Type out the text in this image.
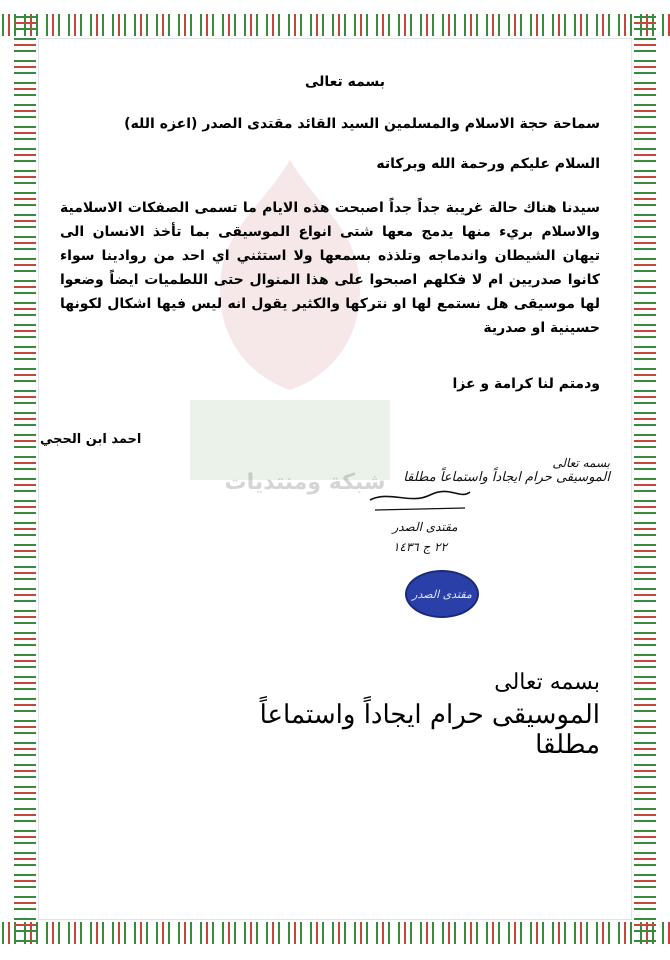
شبكة ومنتديات
بسمه تعالى
سماحة حجة الاسلام والمسلمين السيد القائد مقتدى الصدر (اعزه الله)
السلام عليكم ورحمة الله وبركاته
سيدنا هناك حالة غريبة جداً جداً اصبحت هذه الايام ما تسمى الصفكات الاسلامية والاسلام بريء منها يدمج معها شتى انواع الموسيقى بما تأخذ الانسان الى تيهان الشيطان واندماجه وتلذذه بسمعها ولا استثني اي احد من روادينا سواء كانوا صدريين ام لا فكلهم اصبحوا على هذا المنوال حتى اللطميات ايضاً وضعوا لها موسيقى هل نستمع لها او نتركها والكثير يقول انه ليس فيها اشكال لكونها حسينية او صدرية
ودمتم لنا كرامة و عزا
احمد ابن الحجي
بسمه تعالى
الموسيقى حرام ايجاداً واستماعاً مطلقا
مقتدى الصدر
٢٢ ج ١٤٣٦
مقتدى الصدر
بسمه تعالى
الموسيقى حرام ايجاداً واستماعاً مطلقا
